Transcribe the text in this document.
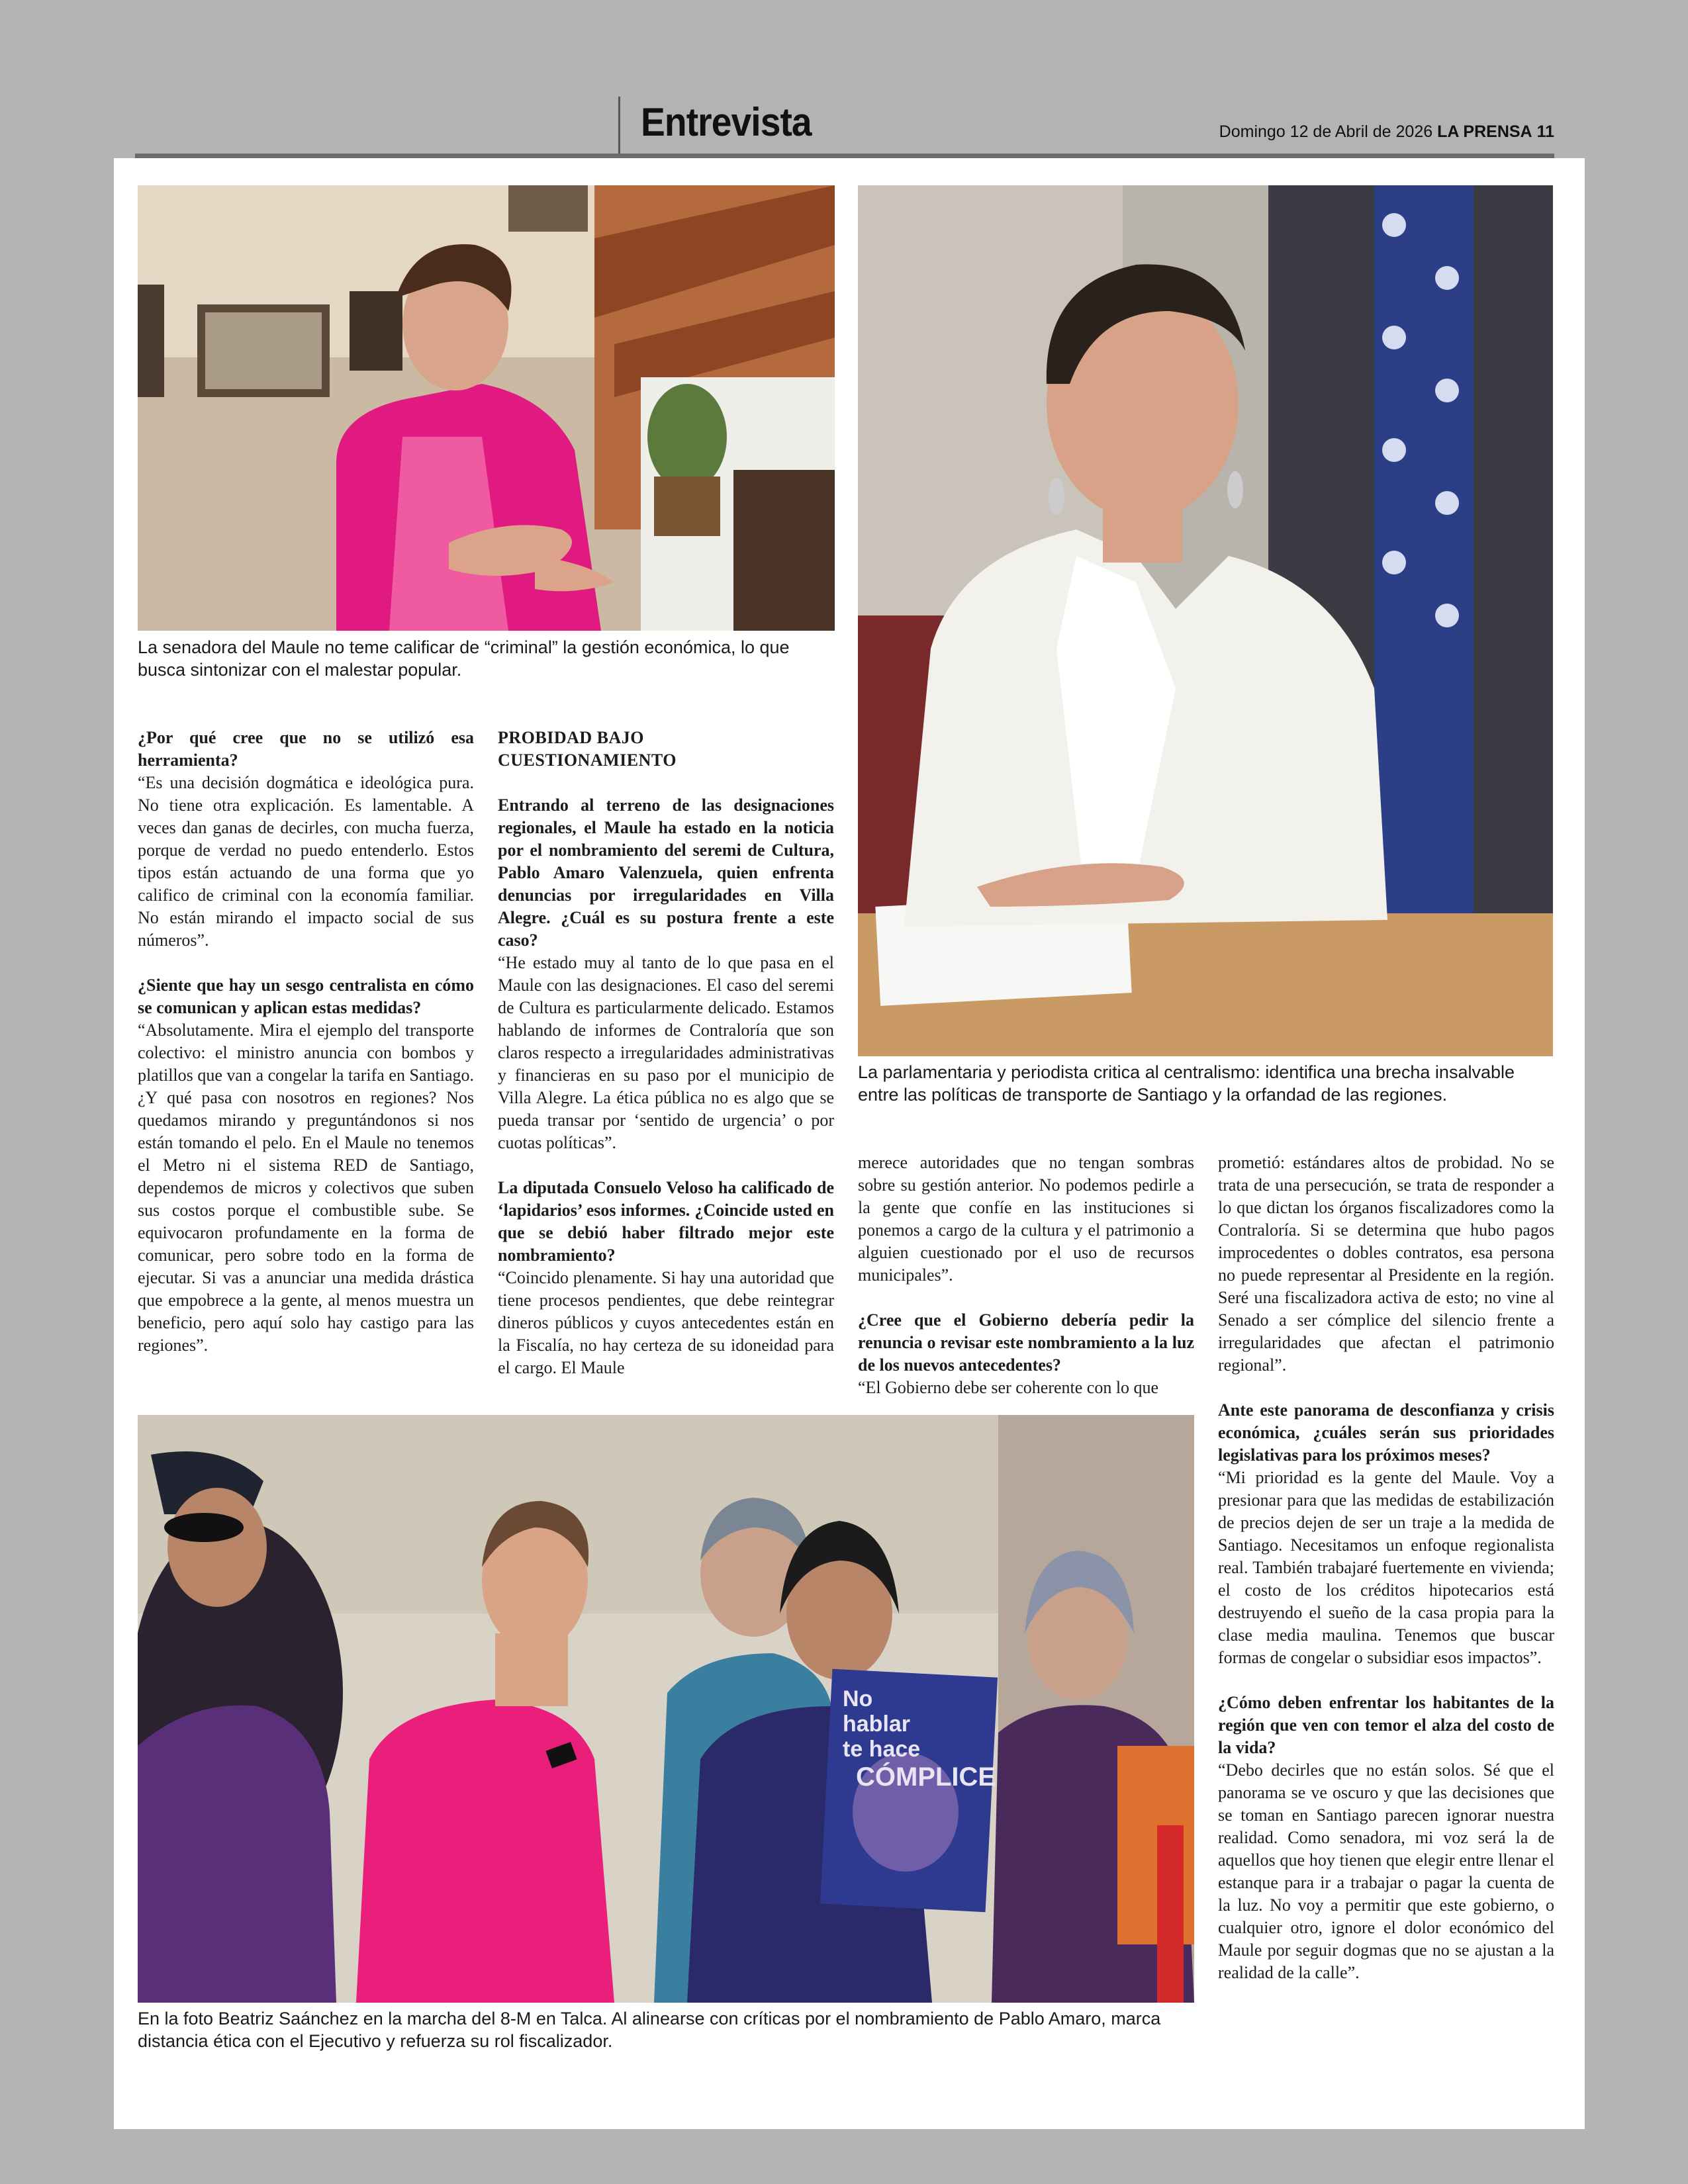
Entrevista	Domingo 12 de Abril de 2026 LA PRENSA 11
La senadora del Maule no teme calificar de “criminal” la gestión económica, lo que busca sintonizar con el malestar popular.
La parlamentaria y periodista critica al centralismo: identifica una brecha insalvable entre las políticas de transporte de Santiago y la orfandad de las regiones.

¿Por qué cree que no se utilizó esa herramienta?

“Es una decisión dogmática e ideológica pura. No tiene otra explicación. Es lamentable. A veces dan ganas de decirles, con mucha fuerza, porque de verdad no puedo entenderlo. Estos tipos están actuando de una forma que yo califico de criminal con la economía familiar. No están mirando el impacto social de sus números”.

¿Siente que hay un sesgo centralista en cómo se comunican y aplican estas medidas?

“Absolutamente. Mira el ejemplo del transporte colectivo: el ministro anuncia con bombos y platillos que van a congelar la tarifa en Santiago. ¿Y qué pasa con nosotros en regiones? Nos quedamos mirando y preguntándonos si nos están tomando el pelo. En el Maule no tenemos el Metro ni el sistema RED de Santiago, dependemos de micros y colectivos que suben sus costos porque el combustible sube. Se equivocaron profundamente en la forma de comunicar, pero sobre todo en la forma de ejecutar. Si vas a anunciar una medida drástica que empobrece a la gente, al menos muestra un beneficio, pero aquí solo hay castigo para las regiones”.

PROBIDAD BAJO CUESTIONAMIENTO

Entrando al terreno de las designaciones regionales, el Maule ha estado en la noticia por el nombramiento del seremi de Cultura, Pablo Amaro Valenzuela, quien enfrenta denuncias por irregularidades en Villa Alegre. ¿Cuál es su postura frente a este caso?

“He estado muy al tanto de lo que pasa en el Maule con las designaciones. El caso del seremi de Cultura es particularmente delicado. Estamos hablando de informes de Contraloría que son claros respecto a irregularidades administrativas y financieras en su paso por el municipio de Villa Alegre. La ética pública no es algo que se pueda transar por ‘sentido de urgencia’ o por cuotas políticas”.

La diputada Consuelo Veloso ha calificado de ‘lapidarios’ esos informes. ¿Coincide usted en que se debió haber filtrado mejor este nombramiento?

“Coincido plenamente. Si hay una autoridad que tiene procesos pendientes, que debe reintegrar dineros públicos y cuyos antecedentes están en la Fiscalía, no hay certeza de su idoneidad para el cargo. El Maule

merece autoridades que no tengan sombras sobre su gestión anterior. No podemos pedirle a la gente que confíe en las instituciones si ponemos a cargo de la cultura y el patrimonio a alguien cuestionado por el uso de recursos municipales”.

¿Cree que el Gobierno debería pedir la renuncia o revisar este nombramiento a la luz de los nuevos antecedentes?

“El Gobierno debe ser coherente con lo que

prometió: estándares altos de probidad. No se trata de una persecución, se trata de responder a lo que dictan los órganos fiscalizadores como la Contraloría. Si se determina que hubo pagos improcedentes o dobles contratos, esa persona no puede representar al Presidente en la región. Seré una fiscalizadora activa de esto; no vine al Senado a ser cómplice del silencio frente a irregularidades que afectan el patrimonio regional”.

Ante este panorama de desconfianza y crisis económica, ¿cuáles serán sus prioridades legislativas para los próximos meses?

“Mi prioridad es la gente del Maule. Voy a presionar para que las medidas de estabilización de precios dejen de ser un traje a la medida de Santiago. Necesitamos un enfoque regionalista real. También trabajaré fuertemente en vivienda; el costo de los créditos hipotecarios está destruyendo el sueño de la casa propia para la clase media maulina. Tenemos que buscar formas de congelar o subsidiar esos impactos”.

¿Cómo deben enfrentar los habitantes de la región que ven con temor el alza del costo de la vida?

“Debo decirles que no están solos. Sé que el panorama se ve oscuro y que las decisiones que se toman en Santiago parecen ignorar nuestra realidad. Como senadora, mi voz será la de aquellos que hoy tienen que elegir entre llenar el estanque para ir a trabajar o pagar la cuenta de la luz. No voy a permitir que este gobierno, o cualquier otro, ignore el dolor económico del Maule por seguir dogmas que no se ajustan a la realidad de la calle”.

No
hablar
te hace
CÓMPLICE
En la foto Beatriz Saánchez en la marcha del 8-M en Talca. Al alinearse con críticas por el nombramiento de Pablo Amaro, marca distancia ética con el Ejecutivo y refuerza su rol fiscalizador.
